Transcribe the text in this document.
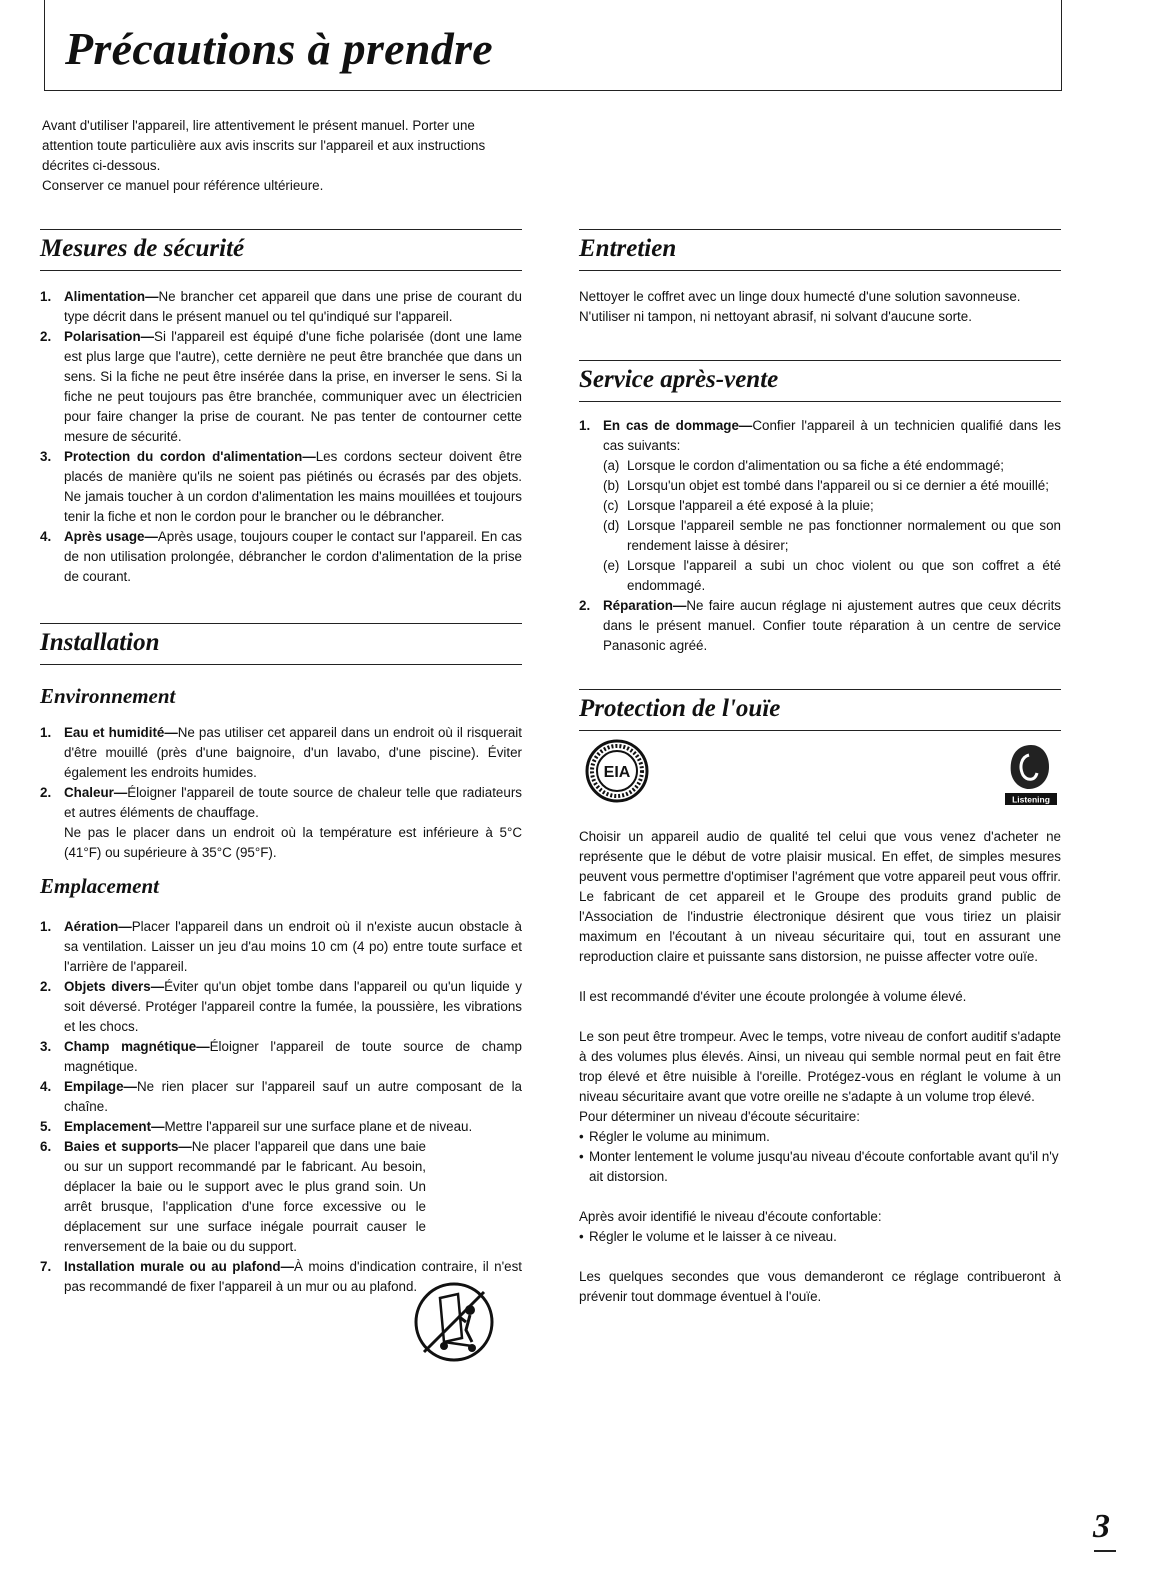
Précautions à prendre

Avant d'utiliser l'appareil, lire attentivement le présent manuel. Porter une attention toute particulière aux avis inscrits sur l'appareil et aux instructions décrites ci-dessous.

Conserver ce manuel pour référence ultérieure.

Mesures de sécurité
1. Alimentation—Ne brancher cet appareil que dans une prise de courant du type décrit dans le présent manuel ou tel qu'indiqué sur l'appareil.
2. Polarisation—Si l'appareil est équipé d'une fiche polarisée (dont une lame est plus large que l'autre), cette dernière ne peut être branchée que dans un sens. Si la fiche ne peut être insérée dans la prise, en inverser le sens. Si la fiche ne peut toujours pas être branchée, communiquer avec un électricien pour faire changer la prise de courant. Ne pas tenter de contourner cette mesure de sécurité.
3. Protection du cordon d'alimentation—Les cordons secteur doivent être placés de manière qu'ils ne soient pas piétinés ou écrasés par des objets. Ne jamais toucher à un cordon d'alimentation les mains mouillées et toujours tenir la fiche et non le cordon pour le brancher ou le débrancher.
4. Après usage—Après usage, toujours couper le contact sur l'appareil. En cas de non utilisation prolongée, débrancher le cordon d'alimentation de la prise de courant.
Installation
Environnement
1. Eau et humidité—Ne pas utiliser cet appareil dans un endroit où il risquerait d'être mouillé (près d'une baignoire, d'un lavabo, d'une piscine). Éviter également les endroits humides.
2. Chaleur—Éloigner l'appareil de toute source de chaleur telle que radiateurs et autres éléments de chauffage.
Ne pas le placer dans un endroit où la température est inférieure à 5°C (41°F) ou supérieure à 35°C (95°F).
Emplacement
1. Aération—Placer l'appareil dans un endroit où il n'existe aucun obstacle à sa ventilation. Laisser un jeu d'au moins 10 cm (4 po) entre toute surface et l'arrière de l'appareil.
2. Objets divers—Éviter qu'un objet tombe dans l'appareil ou qu'un liquide y soit déversé. Protéger l'appareil contre la fumée, la poussière, les vibrations et les chocs.
3. Champ magnétique—Éloigner l'appareil de toute source de champ magnétique.
4. Empilage—Ne rien placer sur l'appareil sauf un autre composant de la chaîne.
5. Emplacement—Mettre l'appareil sur une surface plane et de niveau.
6. Baies et supports—Ne placer l'appareil que dans une baie ou sur un support recommandé par le fabricant. Au besoin, déplacer la baie ou le support avec le plus grand soin. Un arrêt brusque, l'application d'une force excessive ou le déplacement sur une surface inégale pourrait causer le renversement de la baie ou du support.
7. Installation murale ou au plafond—À moins d'indication contraire, il n'est pas recommandé de fixer l'appareil à un mur ou au plafond.
Entretien

Nettoyer le coffret avec un linge doux humecté d'une solution savonneuse.

N'utiliser ni tampon, ni nettoyant abrasif, ni solvant d'aucune sorte.

Service après-vente
1. En cas de dommage—Confier l'appareil à un technicien qualifié dans les cas suivants:
(a) Lorsque le cordon d'alimentation ou sa fiche a été endommagé;
(b) Lorsqu'un objet est tombé dans l'appareil ou si ce dernier a été mouillé;
(c) Lorsque l'appareil a été exposé à la pluie;
(d) Lorsque l'appareil semble ne pas fonctionner normalement ou que son rendement laisse à désirer;
(e) Lorsque l'appareil a subi un choc violent ou que son coffret a été endommagé.
2. Réparation—Ne faire aucun réglage ni ajustement autres que ceux décrits dans le présent manuel. Confier toute réparation à un centre de service Panasonic agréé.
Protection de l'ouïe
EIA
Listening

Choisir un appareil audio de qualité tel celui que vous venez d'acheter ne représente que le début de votre plaisir musical. En effet, de simples mesures peuvent vous permettre d'optimiser l'agrément que votre appareil peut vous offrir. Le fabricant de cet appareil et le Groupe des produits grand public de l'Association de l'industrie électronique désirent que vous tiriez un plaisir maximum en l'écoutant à un niveau sécuritaire qui, tout en assurant une reproduction claire et puissante sans distorsion, ne puisse affecter votre ouïe.

Il est recommandé d'éviter une écoute prolongée à volume élevé.

Le son peut être trompeur. Avec le temps, votre niveau de confort auditif s'adapte à des volumes plus élevés. Ainsi, un niveau qui semble normal peut en fait être trop élevé et être nuisible à l'oreille. Protégez-vous en réglant le volume à un niveau sécuritaire avant que votre oreille ne s'adapte à un volume trop élevé.

Pour déterminer un niveau d'écoute sécuritaire:

• Régler le volume au minimum.
• Monter lentement le volume jusqu'au niveau d'écoute confortable avant qu'il n'y ait distorsion.

Après avoir identifié le niveau d'écoute confortable:

• Régler le volume et le laisser à ce niveau.

Les quelques secondes que vous demanderont ce réglage contribueront à prévenir tout dommage éventuel à l'ouïe.

3
